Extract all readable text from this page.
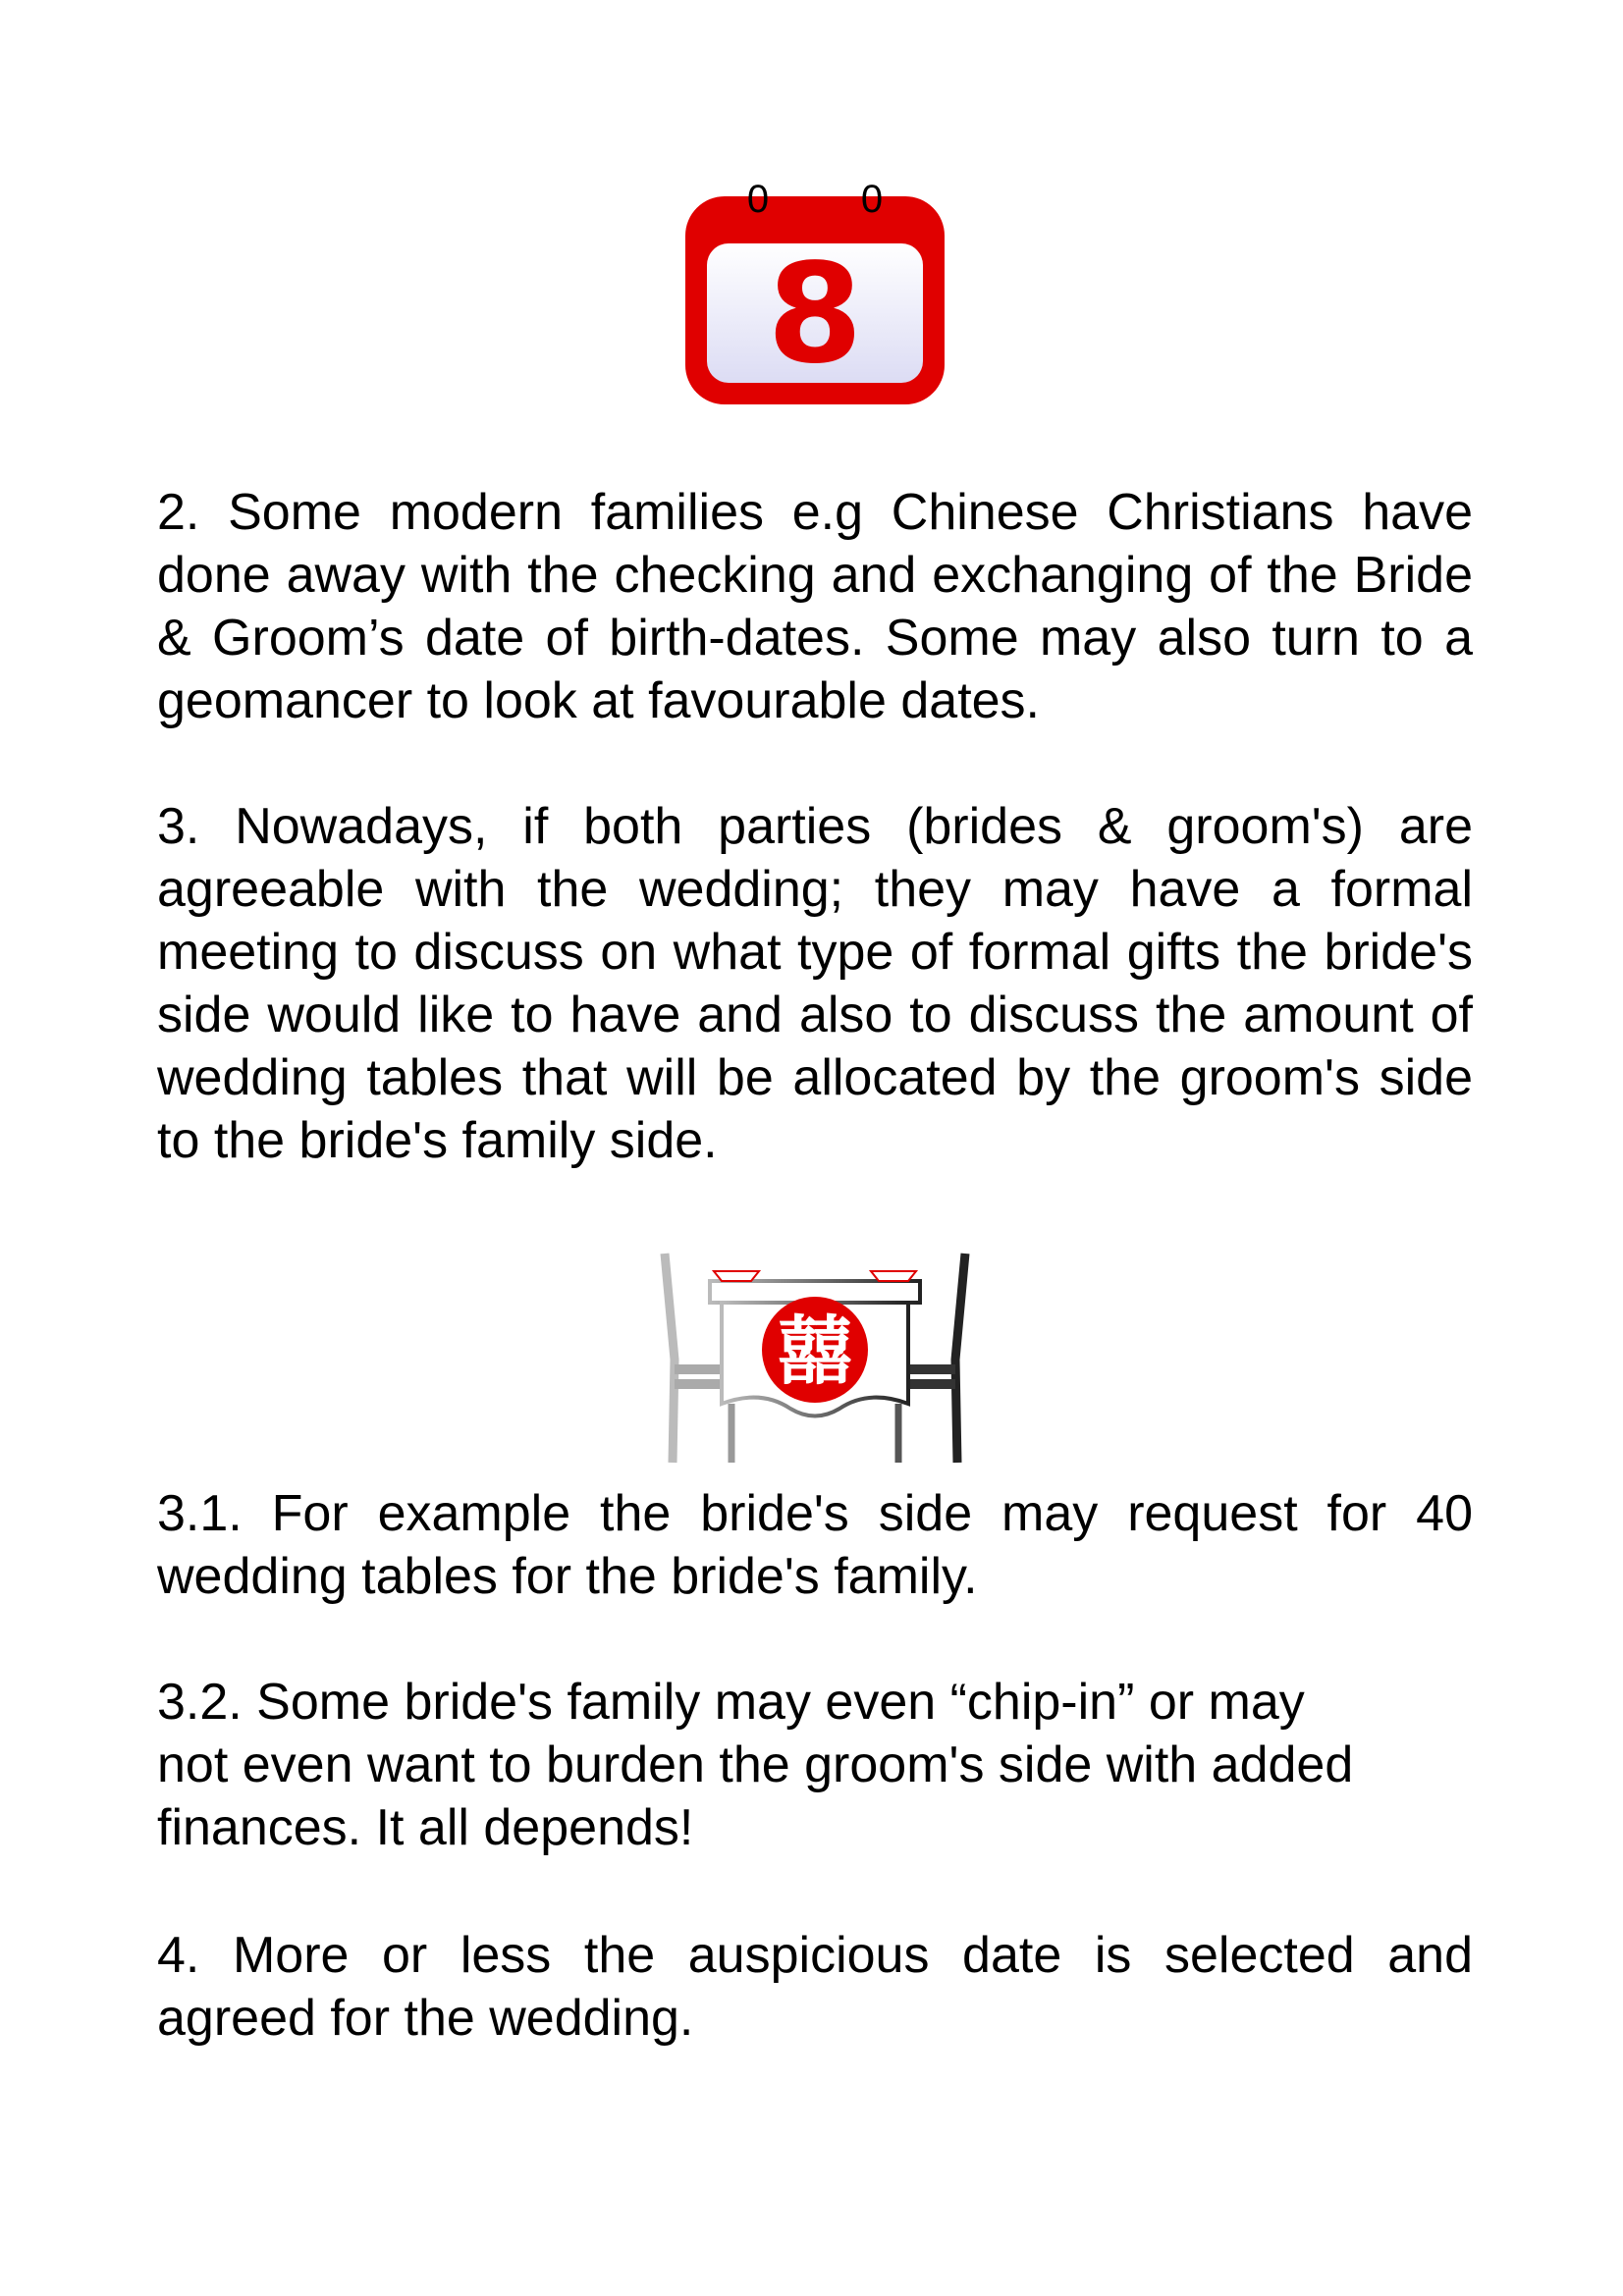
0 0
8

2. Some modern families e.g Chinese Christians have done away with the checking and exchanging of the Bride & Groom’s date of birth-dates. Some may also turn to a geomancer to look at favourable dates.

3. Nowadays, if both parties (brides & groom's) are agreeable with the wedding; they may have a formal meeting to discuss on what type of formal gifts the bride's side would like to have and also to discuss the amount of wedding tables that will be allocated by the groom's side to the bride's family side.

囍

3.1. For example the bride's side may request for 40 wedding tables for the bride's family.

3.2. Some bride's family may even “chip-in” or may
not even want to burden the groom's side with added
finances. It all depends!

4. More or less the auspicious date is selected and agreed for the wedding.
